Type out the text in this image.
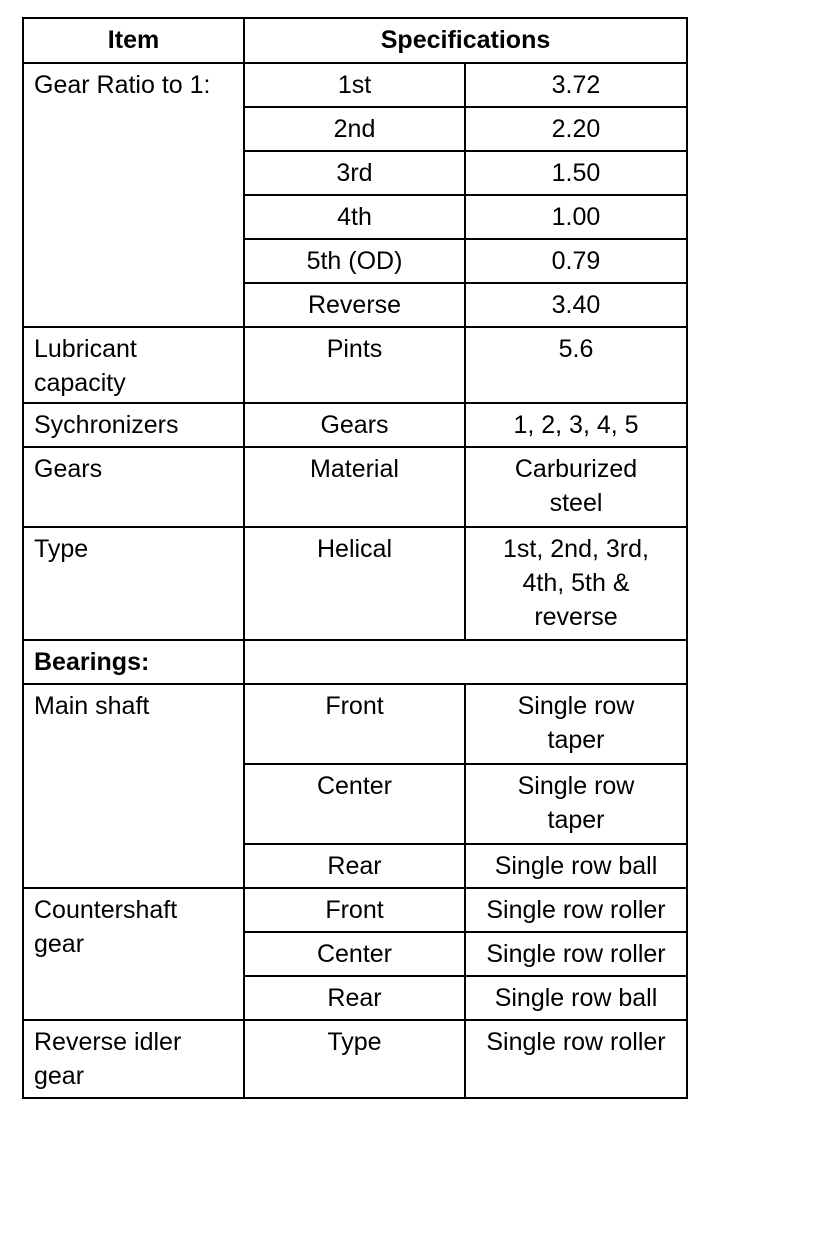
Item	Specifications	
Gear Ratio to 1:	1st	3.72
	2nd	2.20
	3rd	1.50
	4th	1.00
	5th (OD)	0.79
	Reverse	3.40
Lubricant
capacity	Pints	5.6
Sychronizers	Gears	1, 2, 3, 4, 5
Gears	Material	Carburized
steel
Type	Helical	1st, 2nd, 3rd,
4th, 5th &
reverse
Bearings:		
Main shaft	Front	Single row
taper
	Center	Single row
taper
	Rear	Single row ball
Countershaft
gear	Front	Single row roller
	Center	Single row roller
	Rear	Single row ball
Reverse idler
gear	Type	Single row roller
